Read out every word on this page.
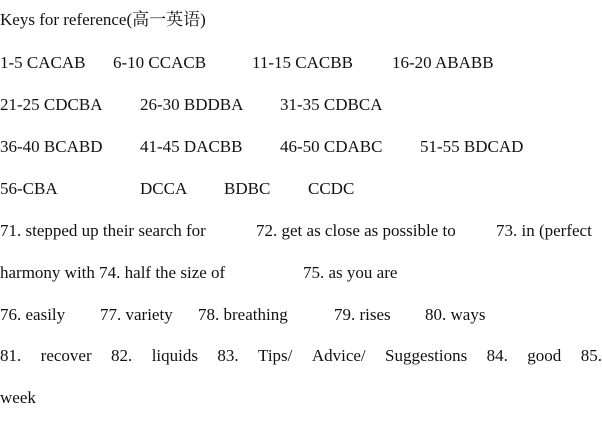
Keys for reference(高一英语)
1-5 CACAB 6-10 CCACB	11-15 CACBB 16-20 ABABB
21-25 CDCBA 26-30 BDDBA 31-35 CDBCA
36-40 BCABD 41-45 DACBB 46-50 CDABC 51-55 BDCAD
56-CBA	DCCA BDBC CCDC
71. stepped up their search for	72. get as close as possible to 73. in (perfect
harmony with 74. half the size of	75. as you are
76. easily 77. variety 78. breathing	79. rises 80. ways
81. recover 82. liquids 83. Tips/ Advice/ Suggestions 84. good 85.
week
